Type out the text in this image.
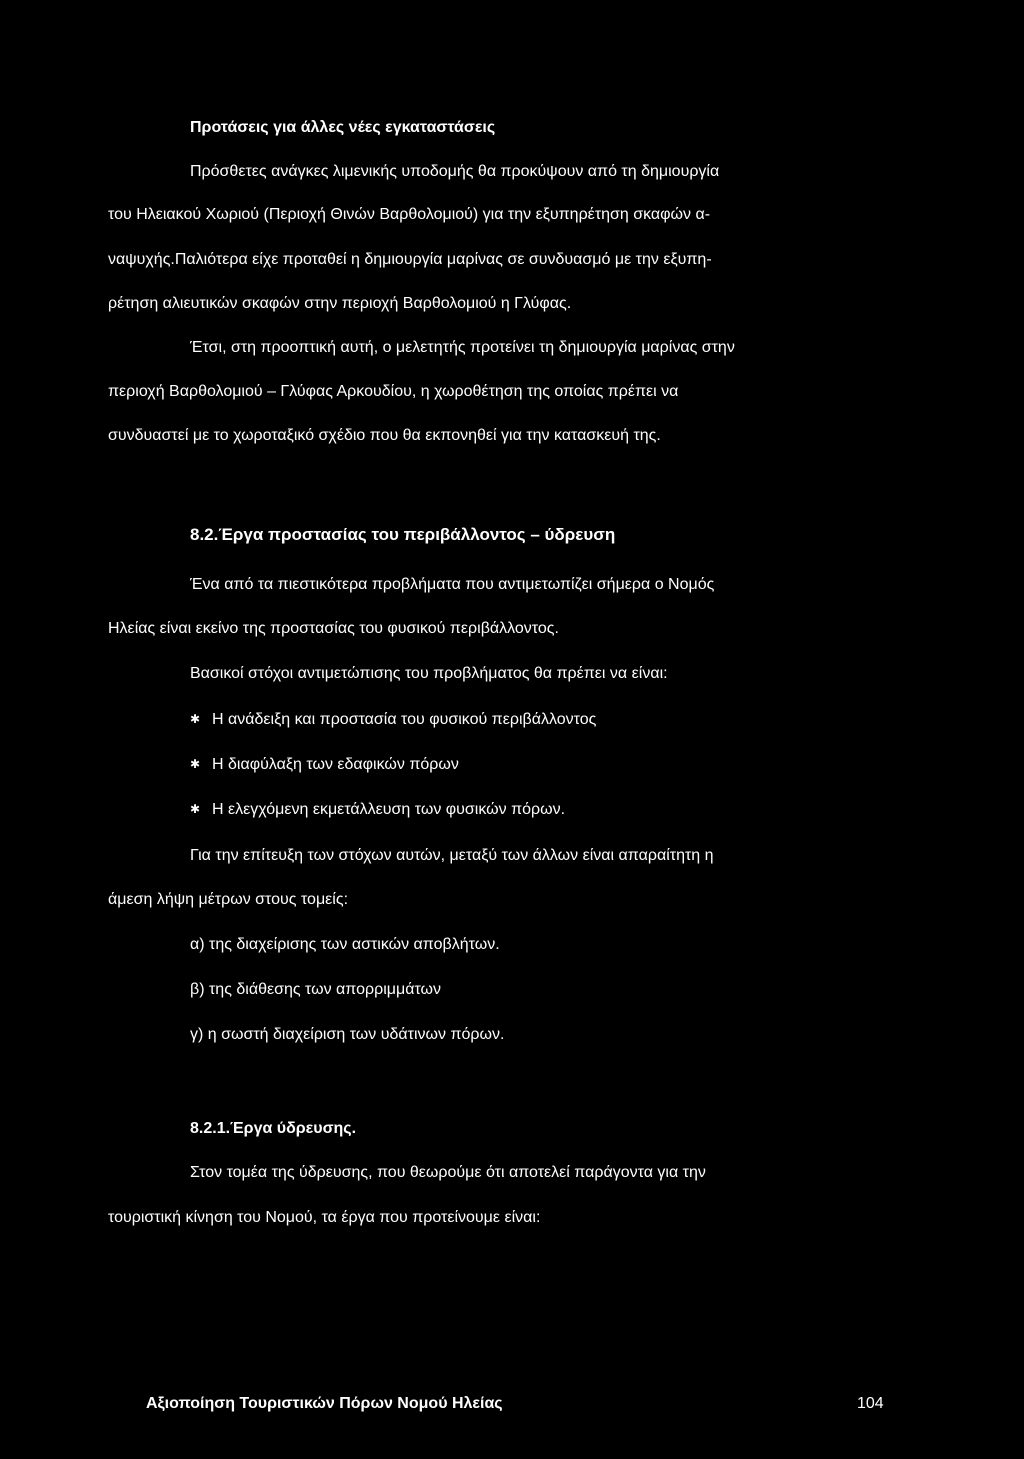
Προτάσεις για άλλες νέες εγκαταστάσεις
Πρόσθετες ανάγκες λιμενικής υποδομής θα προκύψουν από τη δημιουργία
του Ηλειακού Χωριού (Περιοχή Θινών Βαρθολομιού) για την εξυπηρέτηση σκαφών α-
ναψυχής.Παλιότερα είχε προταθεί η δημιουργία μαρίνας σε συνδυασμό με την εξυπη-
ρέτηση αλιευτικών σκαφών στην περιοχή Βαρθολομιού η Γλύφας.
Έτσι, στη προοπτική αυτή, ο μελετητής προτείνει τη δημιουργία μαρίνας στην
περιοχή Βαρθολομιού – Γλύφας Αρκουδίου, η χωροθέτηση της οποίας πρέπει να
συνδυαστεί με το χωροταξικό σχέδιο που θα εκπονηθεί για την κατασκευή της.
8.2.Έργα προστασίας του περιβάλλοντος – ύδρευση
Ένα από τα πιεστικότερα προβλήματα που αντιμετωπίζει σήμερα ο Νομός
Ηλείας είναι εκείνο της προστασίας του φυσικού περιβάλλοντος.
Βασικοί στόχοι αντιμετώπισης του προβλήματος θα πρέπει να είναι:
✱ Η ανάδειξη και προστασία του φυσικού περιβάλλοντος
✱ Η διαφύλαξη των εδαφικών πόρων
✱ Η ελεγχόμενη εκμετάλλευση των φυσικών πόρων.
Για την επίτευξη των στόχων αυτών, μεταξύ των άλλων είναι απαραίτητη η
άμεση λήψη μέτρων στους τομείς:
α) της διαχείρισης των αστικών αποβλήτων.
β) της διάθεσης των απορριμμάτων
γ) η σωστή διαχείριση των υδάτινων πόρων.
8.2.1.Έργα ύδρευσης.
Στον τομέα της ύδρευσης, που θεωρούμε ότι αποτελεί παράγοντα για την
τουριστική κίνηση του Νομού, τα έργα που προτείνουμε είναι:
Αξιοποίηση Τουριστικών Πόρων Νομού Ηλείας	104
